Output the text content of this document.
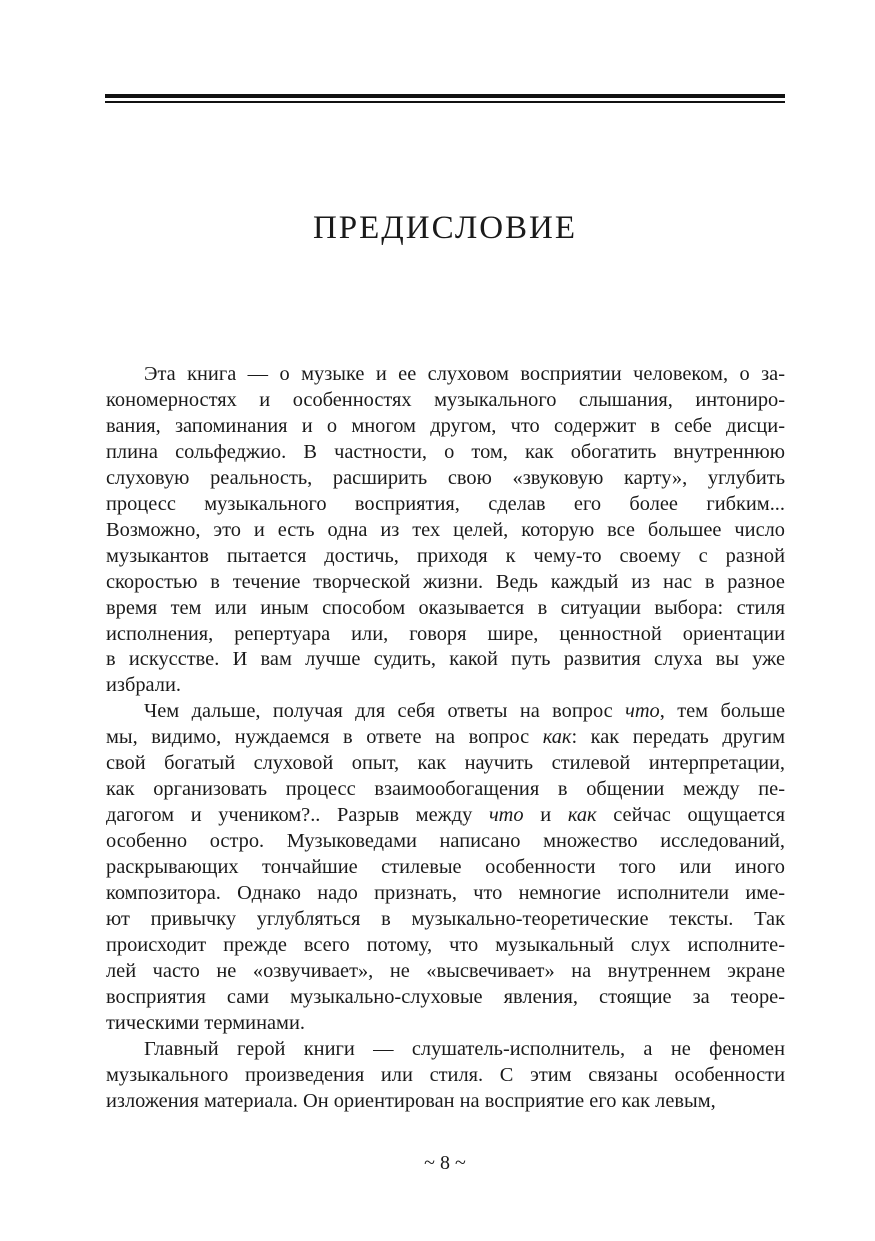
ПРЕДИСЛОВИЕ
Эта книга — о музыке и ее слуховом восприятии человеком, о за-
кономерностях и особенностях музыкального слышания, интониро-
вания, запоминания и о многом другом, что содержит в себе дисци-
плина сольфеджио. В частности, о том, как обогатить внутреннюю
слуховую реальность, расширить свою «звуковую карту», углубить
процесс музыкального восприятия, сделав его более гибким...
Возможно, это и есть одна из тех целей, которую все большее число
музыкантов пытается достичь, приходя к чему-то своему с разной
скоростью в течение творческой жизни. Ведь каждый из нас в разное
время тем или иным способом оказывается в ситуации выбора: стиля
исполнения, репертуара или, говоря шире, ценностной ориентации
в искусстве. И вам лучше судить, какой путь развития слуха вы уже
избрали.
Чем дальше, получая для себя ответы на вопрос что, тем больше
мы, видимо, нуждаемся в ответе на вопрос как: как передать другим
свой богатый слуховой опыт, как научить стилевой интерпретации,
как организовать процесс взаимообогащения в общении между пе-
дагогом и учеником?.. Разрыв между что и как сейчас ощущается
особенно остро. Музыковедами написано множество исследований,
раскрывающих тончайшие стилевые особенности того или иного
композитора. Однако надо признать, что немногие исполнители име-
ют привычку углубляться в музыкально-теоретические тексты. Так
происходит прежде всего потому, что музыкальный слух исполните-
лей часто не «озвучивает», не «высвечивает» на внутреннем экране
восприятия сами музыкально-слуховые явления, стоящие за теоре-
тическими терминами.
Главный герой книги — слушатель-исполнитель, а не феномен
музыкального произведения или стиля. С этим связаны особенности
изложения материала. Он ориентирован на восприятие его как левым,
~ 8 ~
